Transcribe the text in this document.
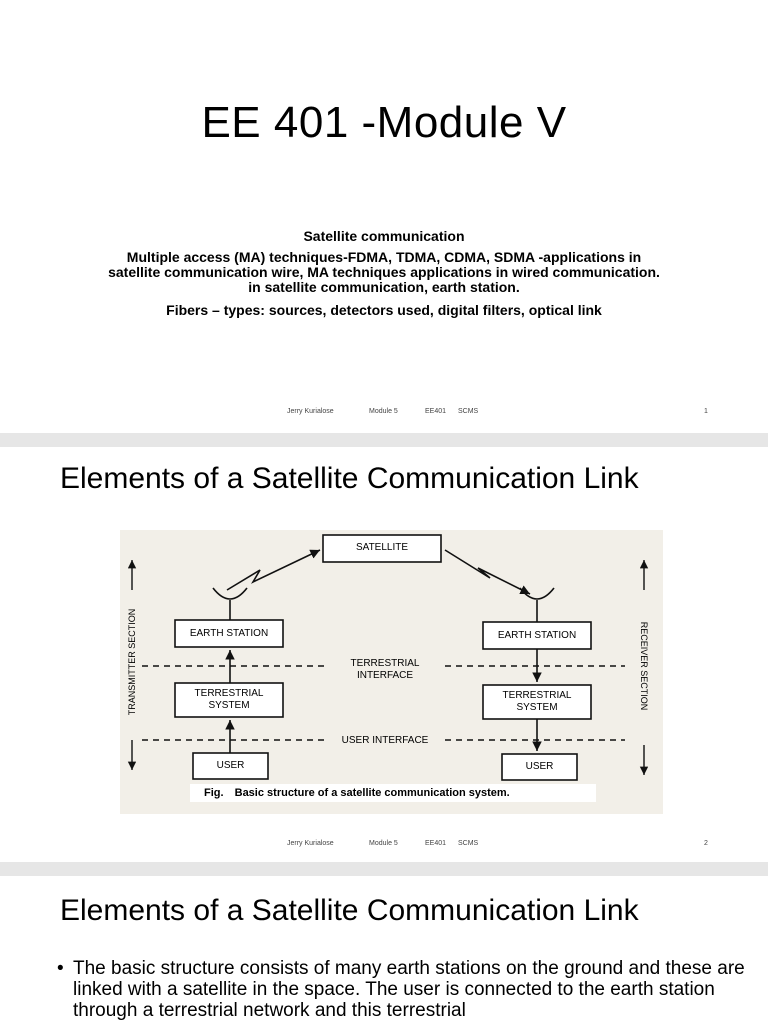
EE 401 -Module V
Satellite communication
Multiple access (MA) techniques-FDMA, TDMA, CDMA, SDMA -applications in satellite communication wire, MA techniques applications in wired communication. in satellite communication, earth station.
Fibers – types: sources, detectors used, digital filters, optical link
Jerry Kurialose	Module 5	EE401 SCMS	1
Elements of a Satellite Communication Link
SATELLITE
EARTH STATION	EARTH STATION
TERRESTRIAL
INTERFACE
TERRESTRIAL
SYSTEM
TERRESTRIAL
SYSTEM
USER INTERFACE
USER	USER
TRANSMITTER SECTION	RECEIVER SECTION
Fig. Basic structure of a satellite communication system.
Jerry Kurialose	Module 5	EE401 SCMS	2
Elements of a Satellite Communication Link
• The basic structure consists of many earth stations on the ground and these are linked with a satellite in the space. The user is connected to the earth station through a terrestrial network and this terrestrial
